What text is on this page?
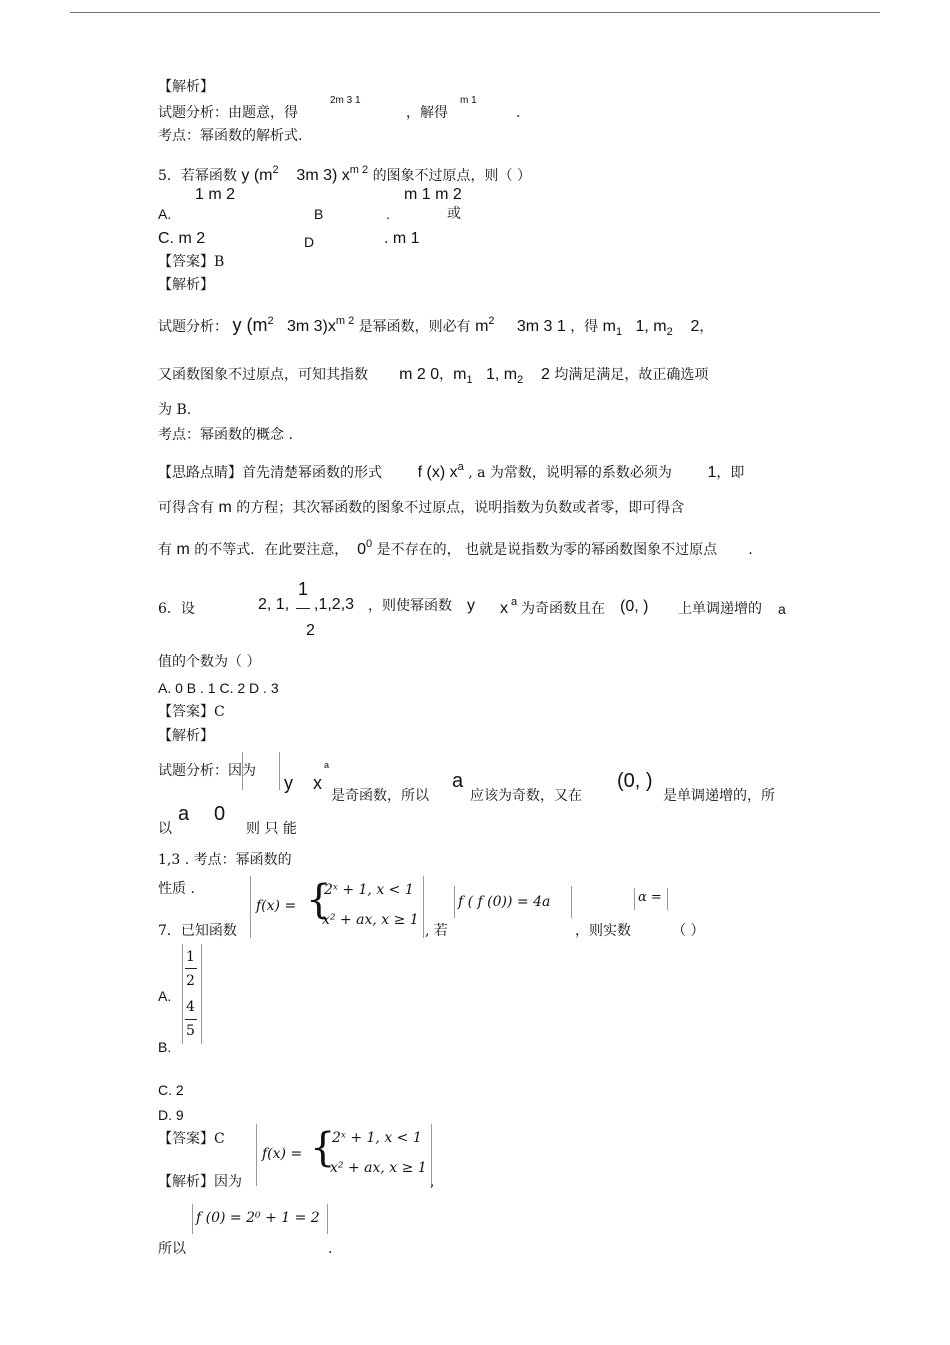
【解析】
试题分析：由题意，得
2m 3 1
，解得
m 1
.
考点：幂函数的解析式.
5．若幂函数 y ($m^2$ 3m 3) $x^{m 2}$ 的图象不过原点，则（ ）
1 m 2	m 1 m 2
A.	B	.	或
C. m 2	D	. m 1
【答案】B
【解析】
试题分析： y ($m^2$ 3m $3)x^{m 2}$ 是幂函数，则必有 $m^2$ 3m 3 1 ，得 $m_1$ 1, $m_2$ 2，
又函数图象不过原点，可知其指数 m 2 0，$m_1$ 1, $m_2$ 2 均满足满足，故正确选项
为 B.
考点：幂函数的概念 .
【思路点睛】首先清楚幂函数的形式 f (x) $x^a$ , a 为常数，说明幂的系数必须为 1，即
可得含有 m 的方程；其次幂函数的图象不过原点，说明指数为负数或者零，即可得含
有 m 的不等式．在此要注意， $0^0$ 是不存在的， 也就是说指数为零的幂函数图象不过原点 .
6．设	2, 1,
1
—
2
,1,2,3 ，则使幂函数 y x a 为奇函数且在 (0, ) 上单调递增的 a
值的个数为（ ）
A. 0 B . 1 C. 2 D . 3
【答案】C
【解析】
试题分析：因为
y x
a
是奇函数，所以
a
应该为奇数，又在
(0, )
是单调递增的，所
以
a 0
则 只 能
1,3 . 考点：幂函数的
性质 .
7．已知函数
f(x) = {
2ˣ + 1, x < 1
x² + ax, x ≥ 1
, 若
f ( f (0)) = 4a
，则实数
α =
（ ）
1
2
4
5
A.
B.
C. 2
D. 9
【答案】C
f(x) = {
2ˣ + 1, x < 1
x² + ax, x ≥ 1
【解析】因为	,
f (0) = 2⁰ + 1 = 2
所以	.
